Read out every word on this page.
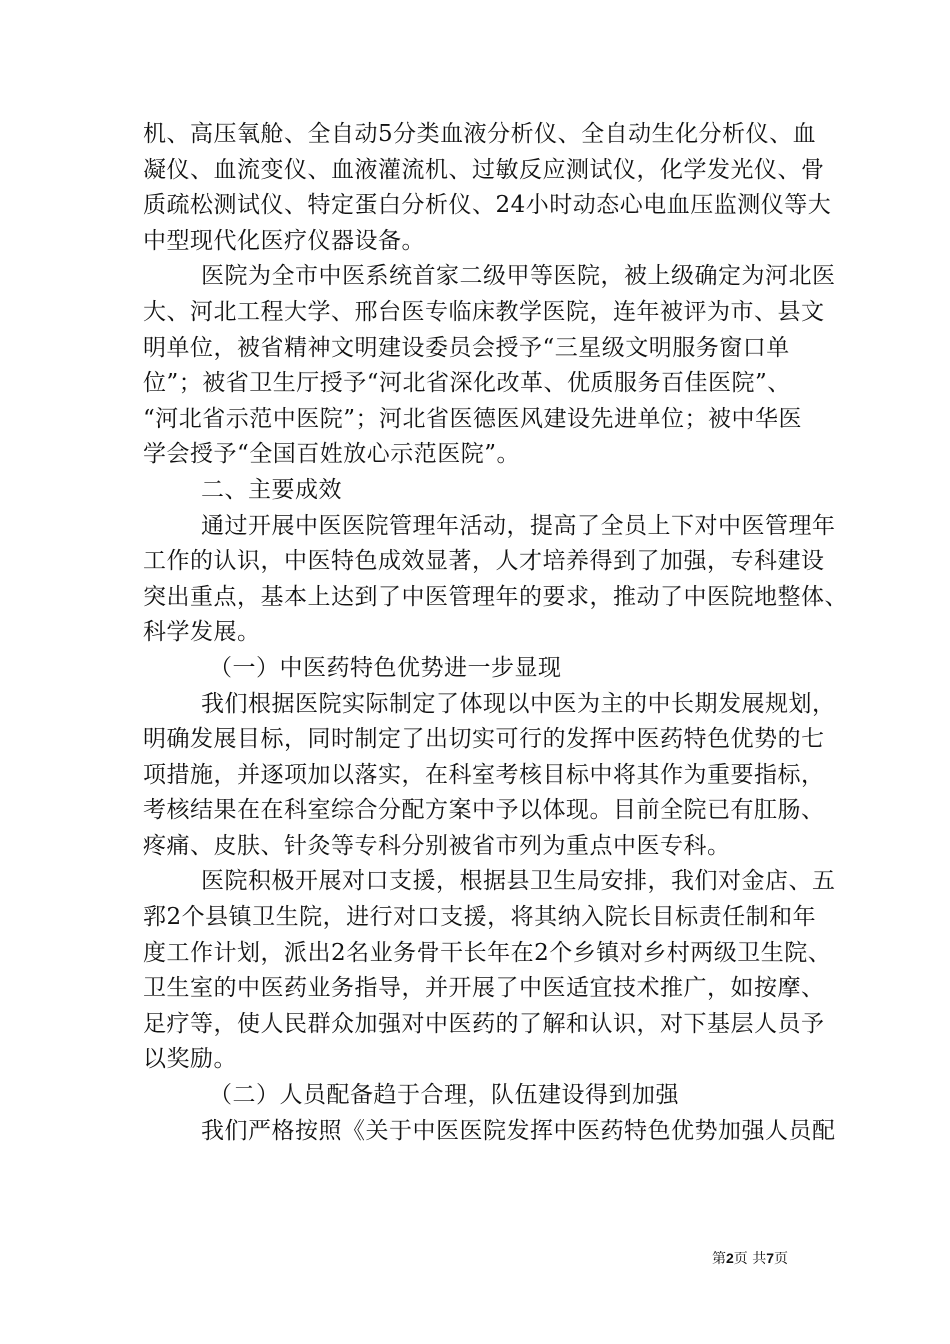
机、高压氧舱、全自动5分类血液分析仪、全自动生化分析仪、血
凝仪、血流变仪、血液灌流机、过敏反应测试仪，化学发光仪、骨
质疏松测试仪、特定蛋白分析仪、24小时动态心电血压监测仪等大
中型现代化医疗仪器设备。
医院为全市中医系统首家二级甲等医院，被上级确定为河北医
大、河北工程大学、邢台医专临床教学医院，连年被评为市、县文
明单位，被省精神文明建设委员会授予“三星级文明服务窗口单
位”；被省卫生厅授予“河北省深化改革、优质服务百佳医院”、
“河北省示范中医院”；河北省医德医风建设先进单位；被中华医
学会授予“全国百姓放心示范医院”。
二、主要成效
通过开展中医医院管理年活动，提高了全员上下对中医管理年
工作的认识，中医特色成效显著，人才培养得到了加强，专科建设
突出重点，基本上达到了中医管理年的要求，推动了中医院地整体、
科学发展。
（一）中医药特色优势进一步显现
我们根据医院实际制定了体现以中医为主的中长期发展规划，
明确发展目标，同时制定了出切实可行的发挥中医药特色优势的七
项措施，并逐项加以落实，在科室考核目标中将其作为重要指标，
考核结果在在科室综合分配方案中予以体现。目前全院已有肛肠、
疼痛、皮肤、针灸等专科分别被省市列为重点中医专科。
医院积极开展对口支援，根据县卫生局安排，我们对金店、五
郛2个县镇卫生院，进行对口支援，将其纳入院长目标责任制和年
度工作计划，派出2名业务骨干长年在2个乡镇对乡村两级卫生院、
卫生室的中医药业务指导，并开展了中医适宜技术推广，如按摩、
足疗等，使人民群众加强对中医药的了解和认识，对下基层人员予
以奖励。
（二）人员配备趋于合理，队伍建设得到加强
我们严格按照《关于中医医院发挥中医药特色优势加强人员配
第2页 共7页
